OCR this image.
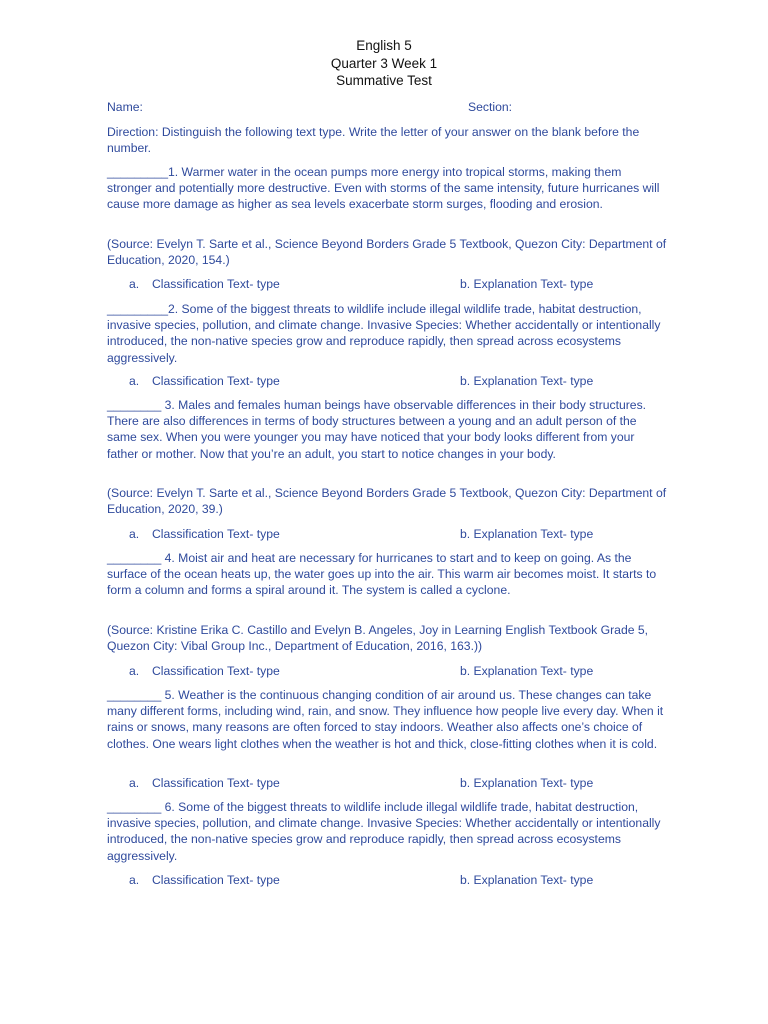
English 5
Quarter 3 Week 1
Summative Test
Name:	Section:

Direction: Distinguish the following text type. Write the letter of your answer on the blank before the number.

_________1. Warmer water in the ocean pumps more energy into tropical storms, making them stronger and potentially more destructive. Even with storms of the same intensity, future hurricanes will cause more damage as higher as sea levels exacerbate storm surges, flooding and erosion.

(Source: Evelyn T. Sarte et al., Science Beyond Borders Grade 5 Textbook, Quezon City: Department of Education, 2020, 154.)

a. Classification Text- type	b. Explanation Text- type

_________2. Some of the biggest threats to wildlife include illegal wildlife trade, habitat destruction, invasive species, pollution, and climate change. Invasive Species: Whether accidentally or intentionally introduced, the non-native species grow and reproduce rapidly, then spread across ecosystems aggressively.

a. Classification Text- type	b. Explanation Text- type

________ 3. Males and females human beings have observable differences in their body structures. There are also differences in terms of body structures between a young and an adult person of the same sex. When you were younger you may have noticed that your body looks different from your father or mother. Now that you’re an adult, you start to notice changes in your body.

(Source: Evelyn T. Sarte et al., Science Beyond Borders Grade 5 Textbook, Quezon City: Department of Education, 2020, 39.)

a. Classification Text- type	b. Explanation Text- type

________ 4. Moist air and heat are necessary for hurricanes to start and to keep on going. As the surface of the ocean heats up, the water goes up into the air. This warm air becomes moist. It starts to form a column and forms a spiral around it. The system is called a cyclone.

(Source: Kristine Erika C. Castillo and Evelyn B. Angeles, Joy in Learning English Textbook Grade 5, Quezon City: Vibal Group Inc., Department of Education, 2016, 163.))

a. Classification Text- type	b. Explanation Text- type

________ 5. Weather is the continuous changing condition of air around us. These changes can take many different forms, including wind, rain, and snow. They influence how people live every day. When it rains or snows, many reasons are often forced to stay indoors. Weather also affects one’s choice of clothes. One wears light clothes when the weather is hot and thick, close-fitting clothes when it is cold.

a. Classification Text- type	b. Explanation Text- type

________ 6. Some of the biggest threats to wildlife include illegal wildlife trade, habitat destruction, invasive species, pollution, and climate change. Invasive Species: Whether accidentally or intentionally introduced, the non-native species grow and reproduce rapidly, then spread across ecosystems aggressively.

a. Classification Text- type	b. Explanation Text- type
